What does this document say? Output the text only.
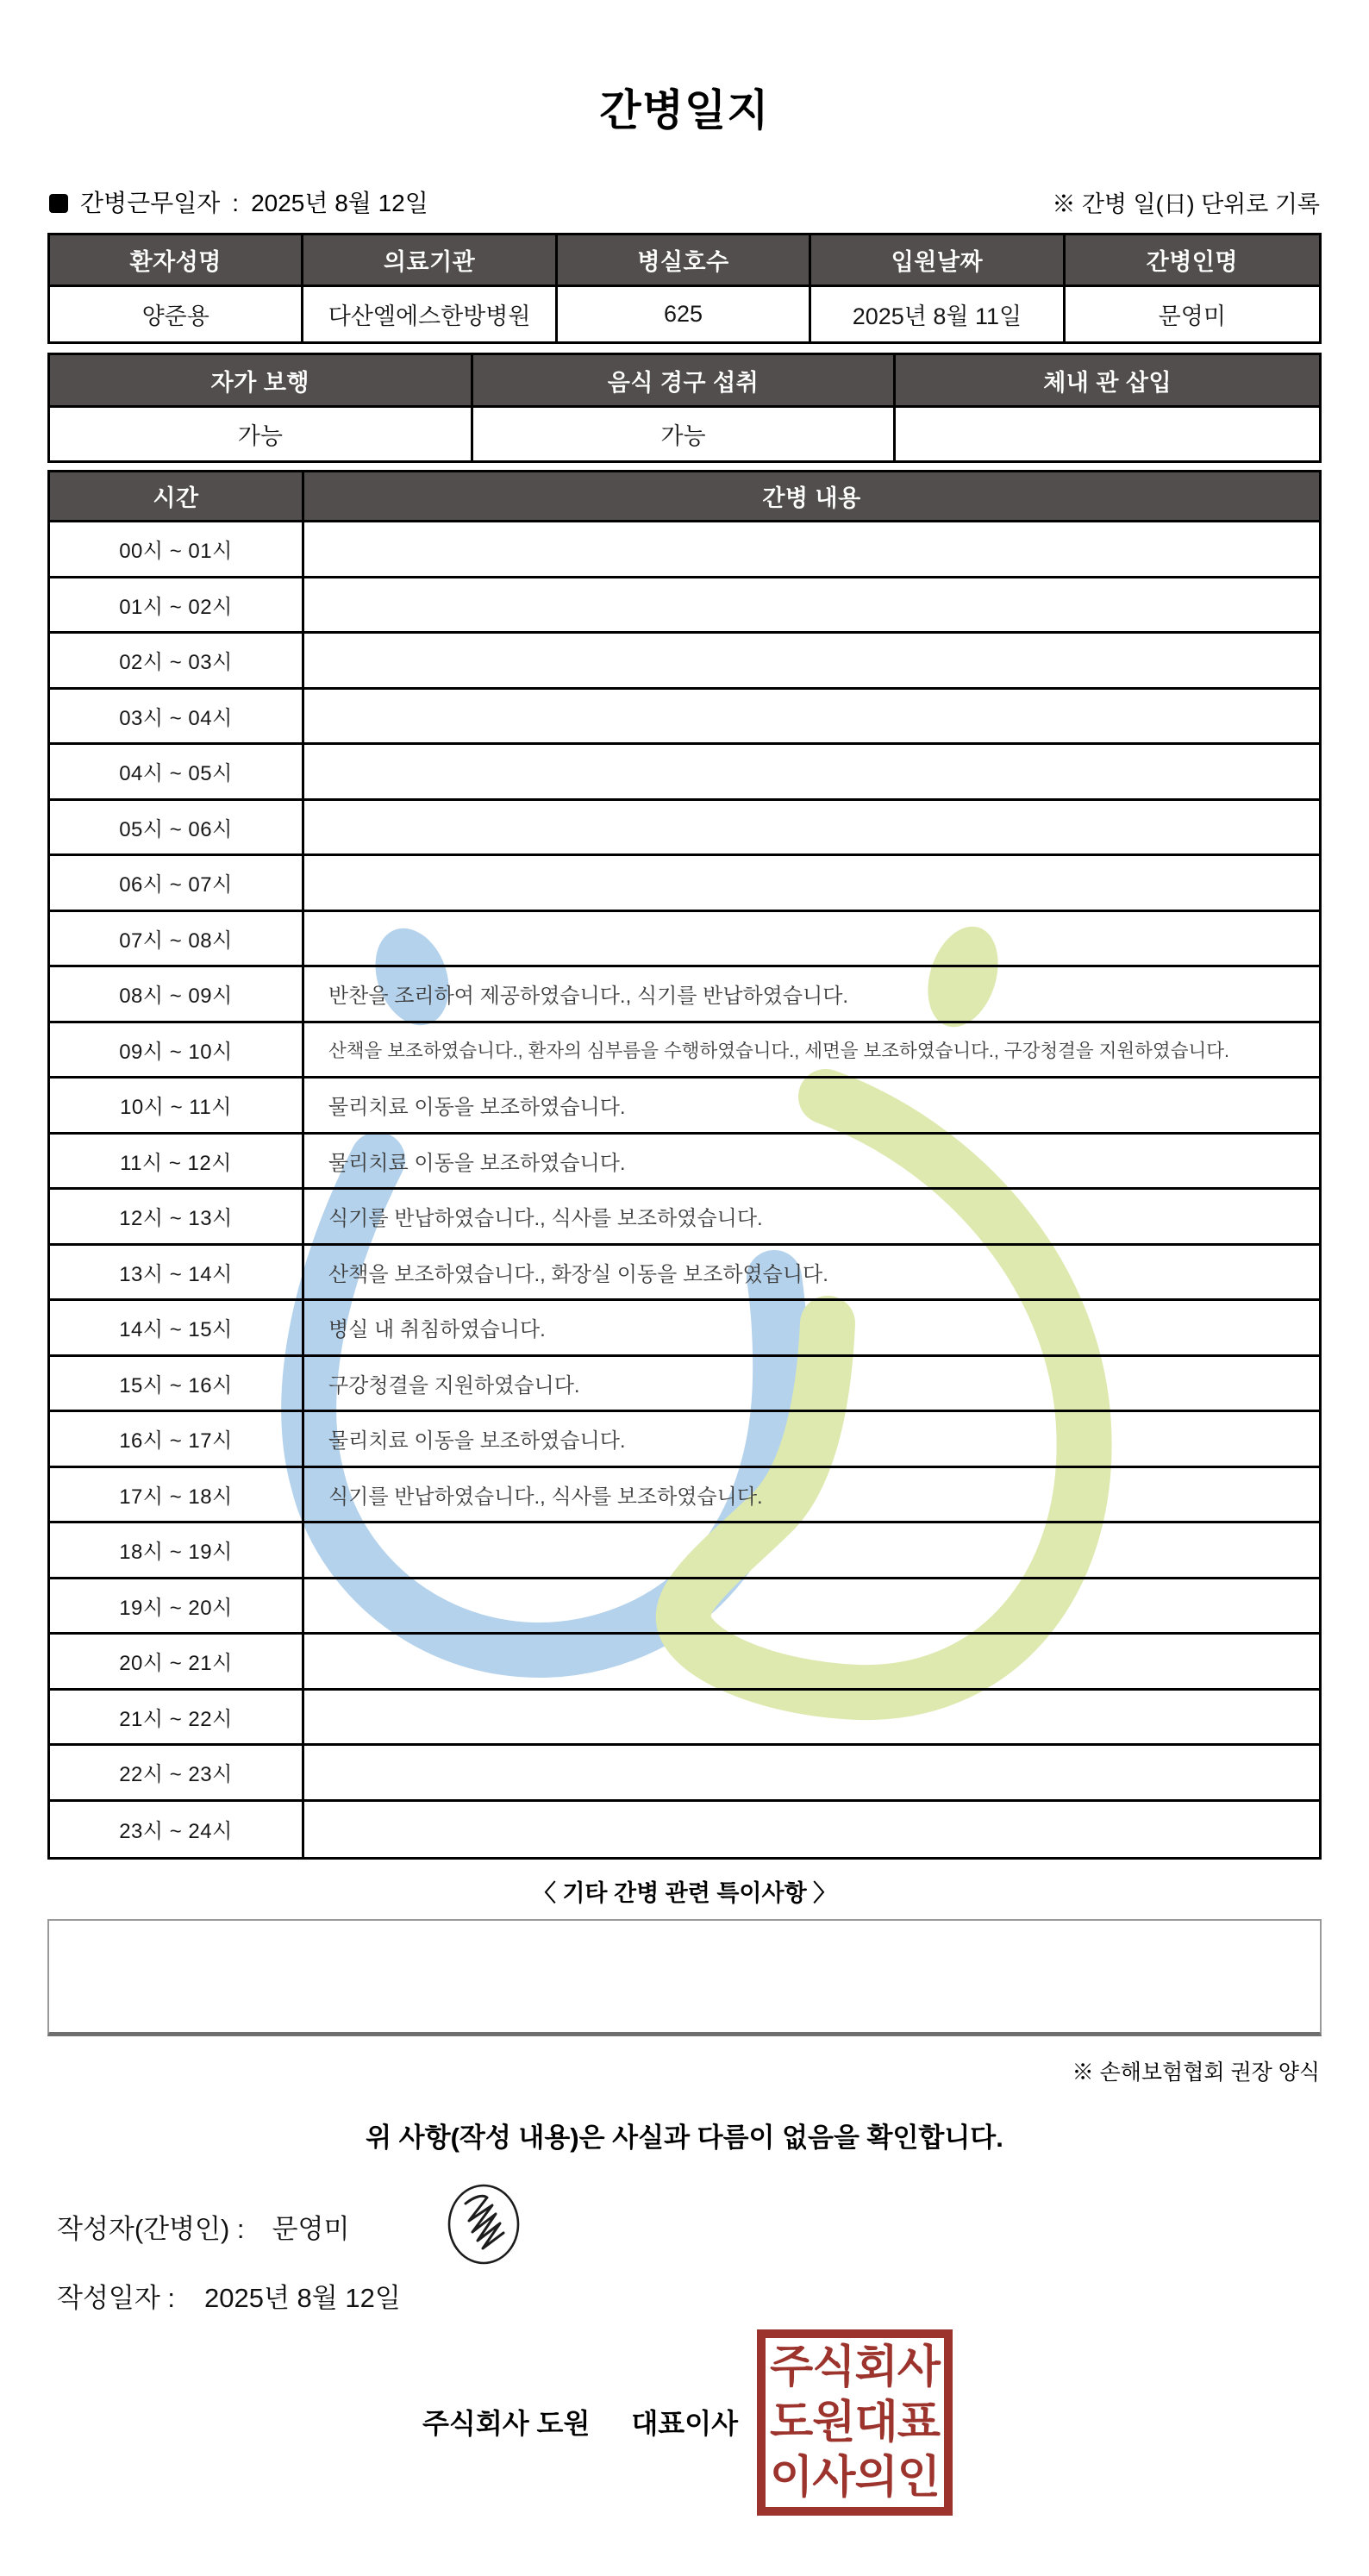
간병일지
간병근무일자 : 2025년 8월 12일	※ 간병 일(日) 단위로 기록
환자성명	의료기관	병실호수	입원날짜	간병인명
양준용	다산엘에스한방병원	625	2025년 8월 11일	문영미
자가 보행	음식 경구 섭취	체내 관 삽입
가능	가능
시간	간병 내용
00시 ~ 01시
01시 ~ 02시
02시 ~ 03시
03시 ~ 04시
04시 ~ 05시
05시 ~ 06시
06시 ~ 07시
07시 ~ 08시
08시 ~ 09시	반찬을 조리하여 제공하였습니다., 식기를 반납하였습니다.
09시 ~ 10시	산책을 보조하였습니다., 환자의 심부름을 수행하였습니다., 세면을 보조하였습니다., 구강청결을 지원하였습니다.
10시 ~ 11시	물리치료 이동을 보조하였습니다.
11시 ~ 12시	물리치료 이동을 보조하였습니다.
12시 ~ 13시	식기를 반납하였습니다., 식사를 보조하였습니다.
13시 ~ 14시	산책을 보조하였습니다., 화장실 이동을 보조하였습니다.
14시 ~ 15시	병실 내 취침하였습니다.
15시 ~ 16시	구강청결을 지원하였습니다.
16시 ~ 17시	물리치료 이동을 보조하였습니다.
17시 ~ 18시	식기를 반납하였습니다., 식사를 보조하였습니다.
18시 ~ 19시
19시 ~ 20시
20시 ~ 21시
21시 ~ 22시
22시 ~ 23시
23시 ~ 24시
〈 기타 간병 관련 특이사항 〉
※ 손해보험협회 권장 양식
위 사항(작성 내용)은 사실과 다름이 없음을 확인합니다.
작성자(간병인) : 문영미
작성일자 : 2025년 8월 12일
주식회사 도원 대표이사
주식회사
도원대표
이사의인
